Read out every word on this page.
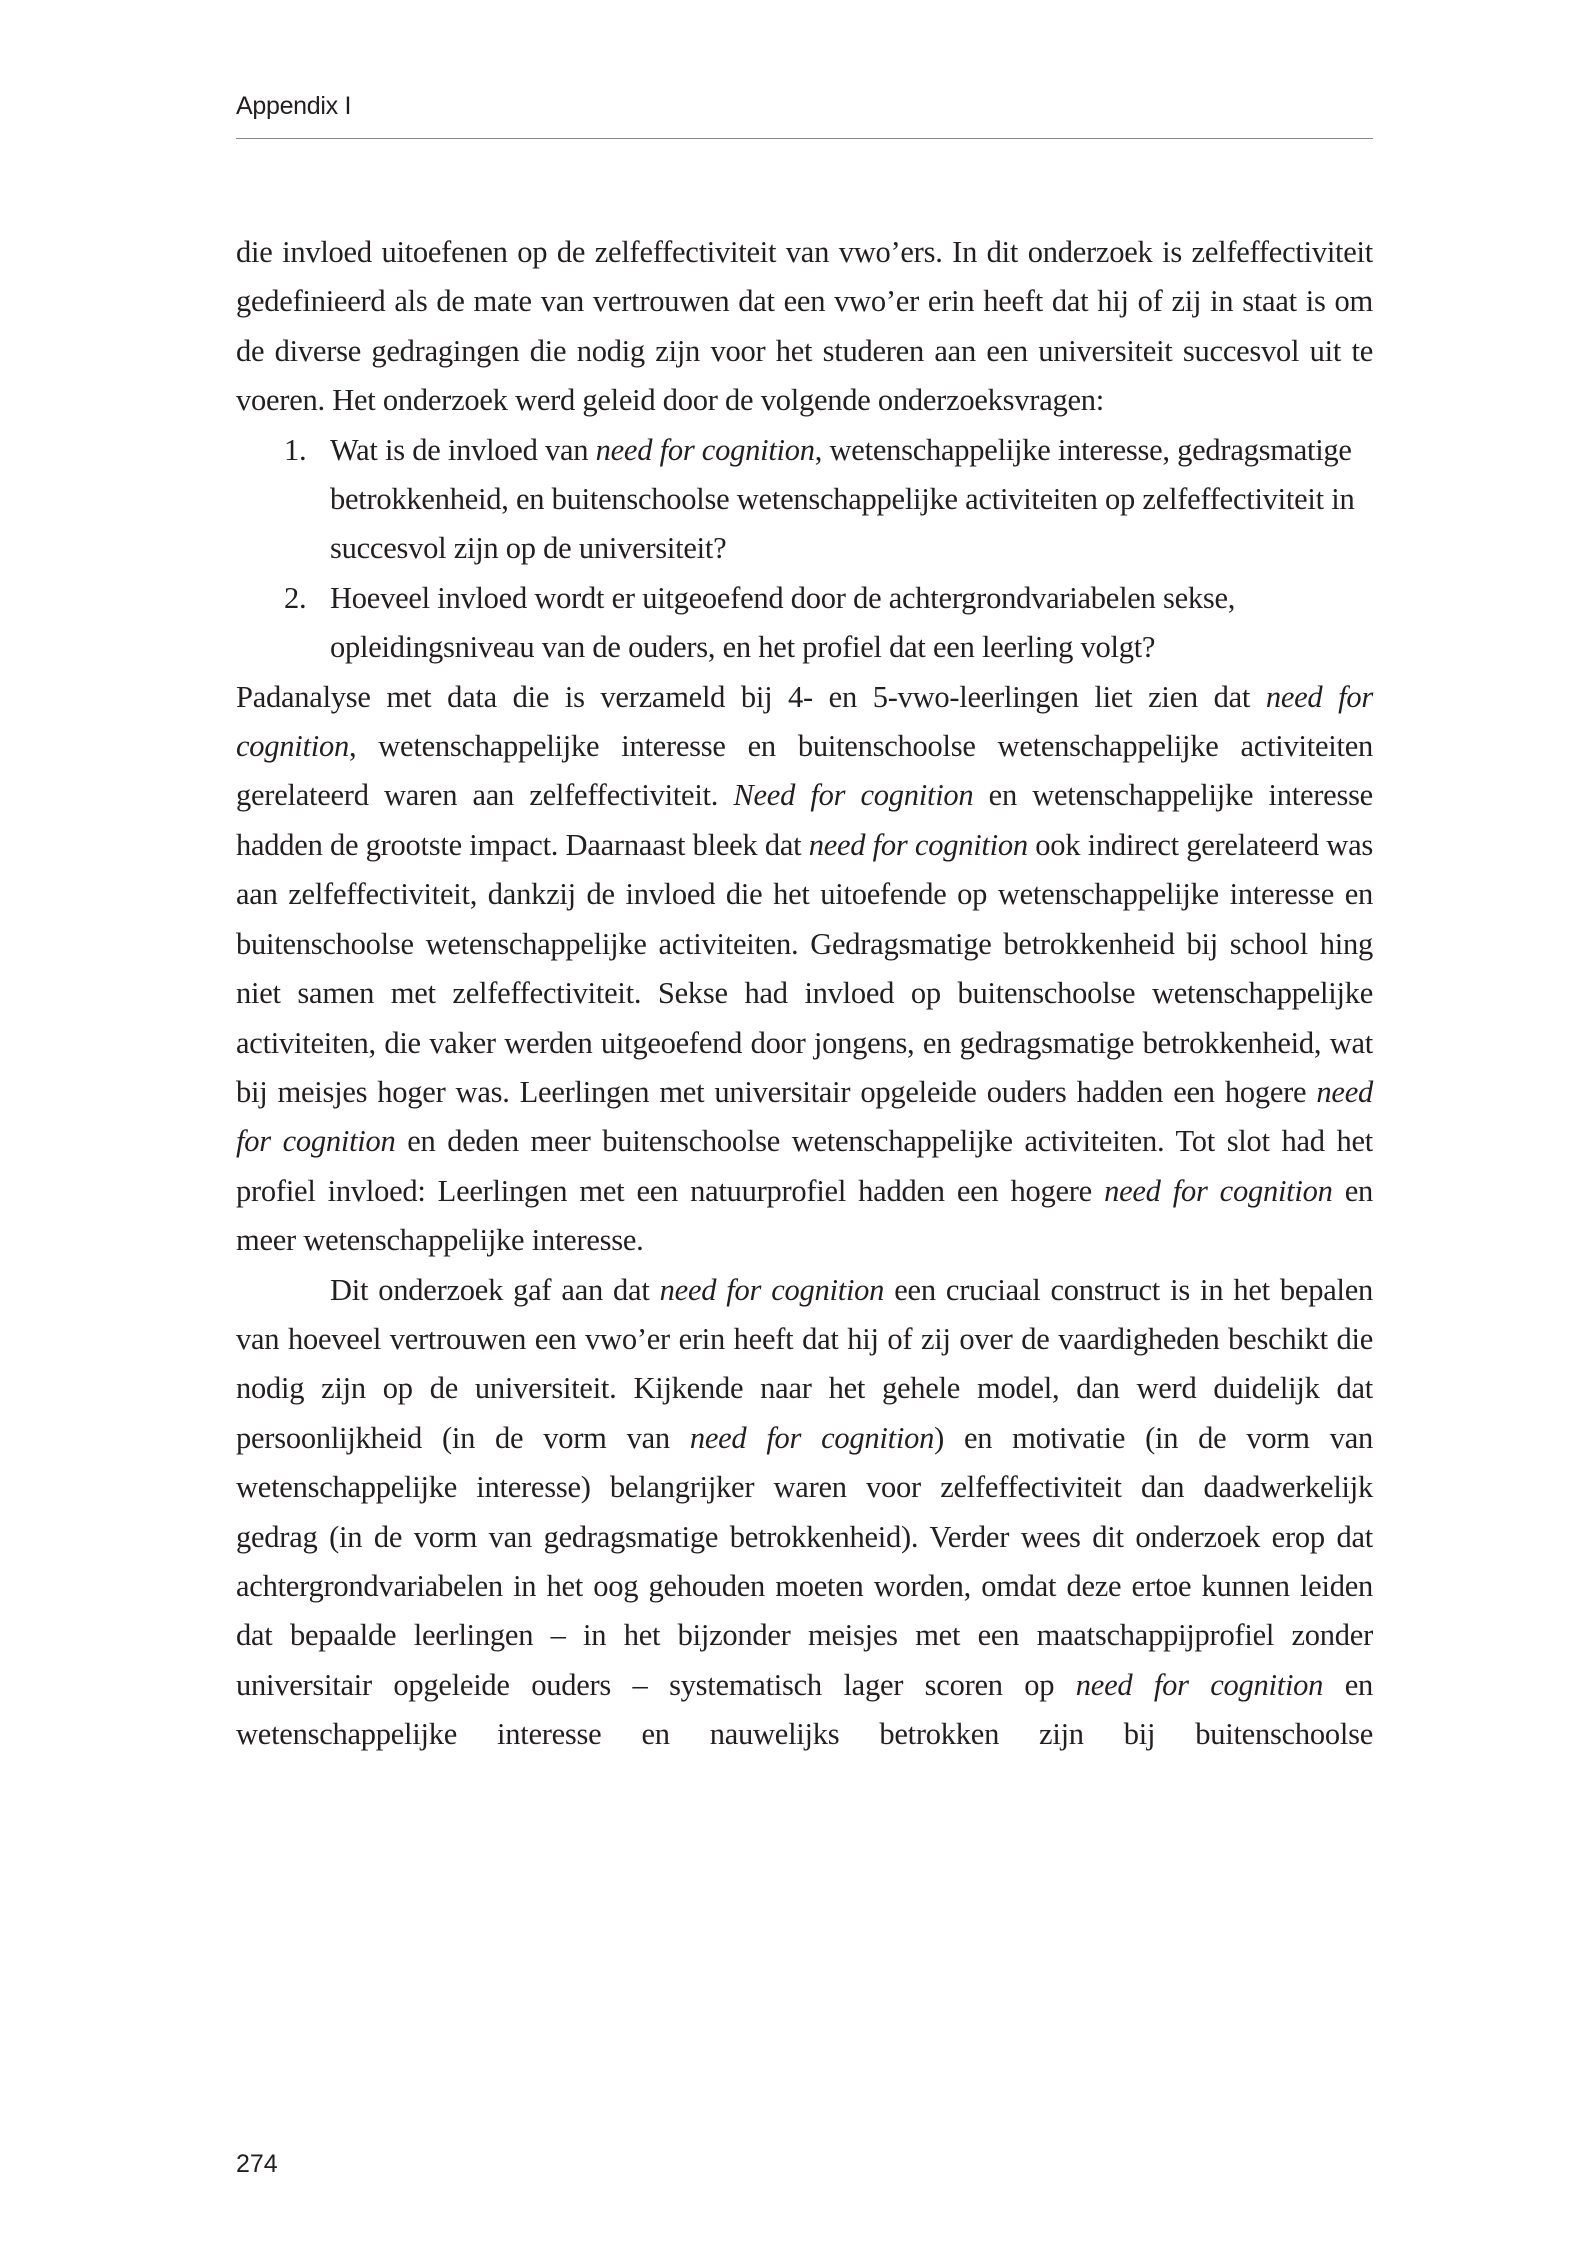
Appendix I

die invloed uitoefenen op de zelfeffectiviteit van vwo’ers. In dit onderzoek is zelfeffectiviteit gedefinieerd als de mate van vertrouwen dat een vwo’er erin heeft dat hij of zij in staat is om de diverse gedragingen die nodig zijn voor het studeren aan een universiteit succesvol uit te voeren. Het onderzoek werd geleid door de volgende onderzoeksvragen:

1. Wat is de invloed van need for cognition, wetenschappelijke interesse, gedragsmatige betrokkenheid, en buitenschoolse wetenschappelijke activiteiten op zelfeffectiviteit in succesvol zijn op de universiteit?
2. Hoeveel invloed wordt er uitgeoefend door de achtergrondvariabelen sekse, opleidingsniveau van de ouders, en het profiel dat een leerling volgt?

Padanalyse met data die is verzameld bij 4- en 5-vwo-leerlingen liet zien dat need for cognition, wetenschappelijke interesse en buitenschoolse wetenschappelijke activiteiten gerelateerd waren aan zelfeffectiviteit. Need for cognition en wetenschappelijke interesse hadden de grootste impact. Daarnaast bleek dat need for cognition ook indirect gerelateerd was aan zelfeffectiviteit, dankzij de invloed die het uitoefende op wetenschappelijke interesse en buitenschoolse wetenschappelijke activiteiten. Gedragsmatige betrokkenheid bij school hing niet samen met zelfeffectiviteit. Sekse had invloed op buitenschoolse wetenschappelijke activiteiten, die vaker werden uitgeoefend door jongens, en gedragsmatige betrokkenheid, wat bij meisjes hoger was. Leerlingen met universitair opgeleide ouders hadden een hogere need for cognition en deden meer buitenschoolse wetenschappelijke activiteiten. Tot slot had het profiel invloed: Leerlingen met een natuurprofiel hadden een hogere need for cognition en meer wetenschappelijke interesse.

Dit onderzoek gaf aan dat need for cognition een cruciaal construct is in het bepalen van hoeveel vertrouwen een vwo’er erin heeft dat hij of zij over de vaardigheden beschikt die nodig zijn op de universiteit. Kijkende naar het gehele model, dan werd duidelijk dat persoonlijkheid (in de vorm van need for cognition) en motivatie (in de vorm van wetenschappelijke interesse) belangrijker waren voor zelfeffectiviteit dan daadwerkelijk gedrag (in de vorm van gedragsmatige betrokkenheid). Verder wees dit onderzoek erop dat achtergrondvariabelen in het oog gehouden moeten worden, omdat deze ertoe kunnen leiden dat bepaalde leerlingen – in het bijzonder meisjes met een maatschappijprofiel zonder universitair opgeleide ouders – systematisch lager scoren op need for cognition en wetenschappelijke interesse en nauwelijks betrokken zijn bij buitenschoolse

274
